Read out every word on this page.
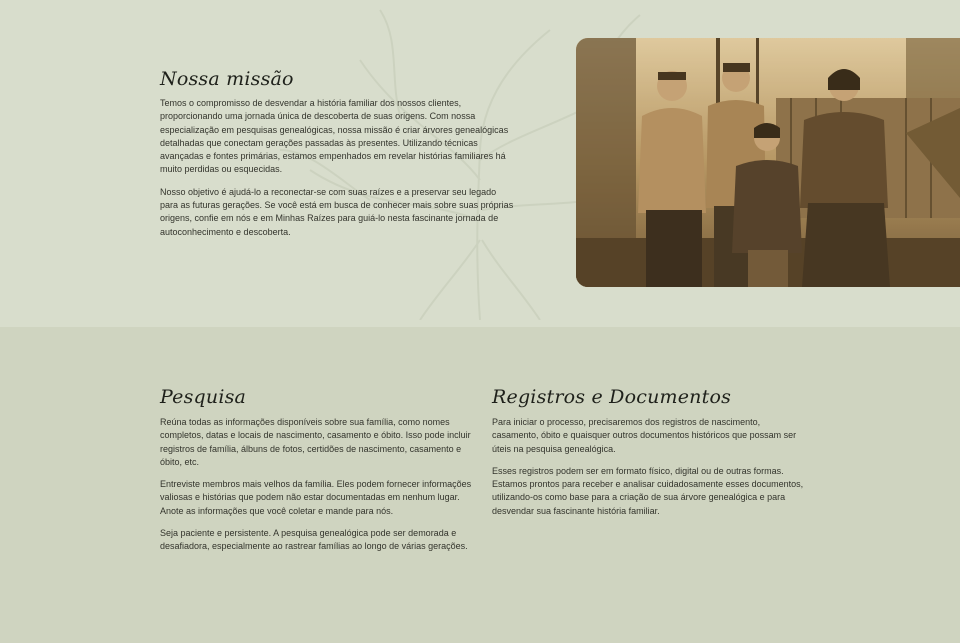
Nossa missão

Temos o compromisso de desvendar a história familiar dos nossos clientes, proporcionando uma jornada única de descoberta de suas origens. Com nossa especialização em pesquisas genealógicas, nossa missão é criar árvores genealógicas detalhadas que conectam gerações passadas às presentes. Utilizando técnicas avançadas e fontes primárias, estamos empenhados em revelar histórias familiares há muito perdidas ou esquecidas.

Nosso objetivo é ajudá-lo a reconectar-se com suas raízes e a preservar seu legado para as futuras gerações. Se você está em busca de conhecer mais sobre suas próprias origens, confie em nós e em Minhas Raízes para guiá-lo nesta fascinante jornada de autoconhecimento e descoberta.

Pesquisa

Reúna todas as informações disponíveis sobre sua família, como nomes completos, datas e locais de nascimento, casamento e óbito. Isso pode incluir registros de família, álbuns de fotos, certidões de nascimento, casamento e óbito, etc.

Entreviste membros mais velhos da família. Eles podem fornecer informações valiosas e histórias que podem não estar documentadas em nenhum lugar. Anote as informações que você coletar e mande para nós.

Seja paciente e persistente. A pesquisa genealógica pode ser demorada e desafiadora, especialmente ao rastrear famílias ao longo de várias gerações.

Registros e Documentos

Para iniciar o processo, precisaremos dos registros de nascimento, casamento, óbito e quaisquer outros documentos históricos que possam ser úteis na pesquisa genealógica.

Esses registros podem ser em formato físico, digital ou de outras formas. Estamos prontos para receber e analisar cuidadosamente esses documentos, utilizando-os como base para a criação de sua árvore genealógica e para desvendar sua fascinante história familiar.
